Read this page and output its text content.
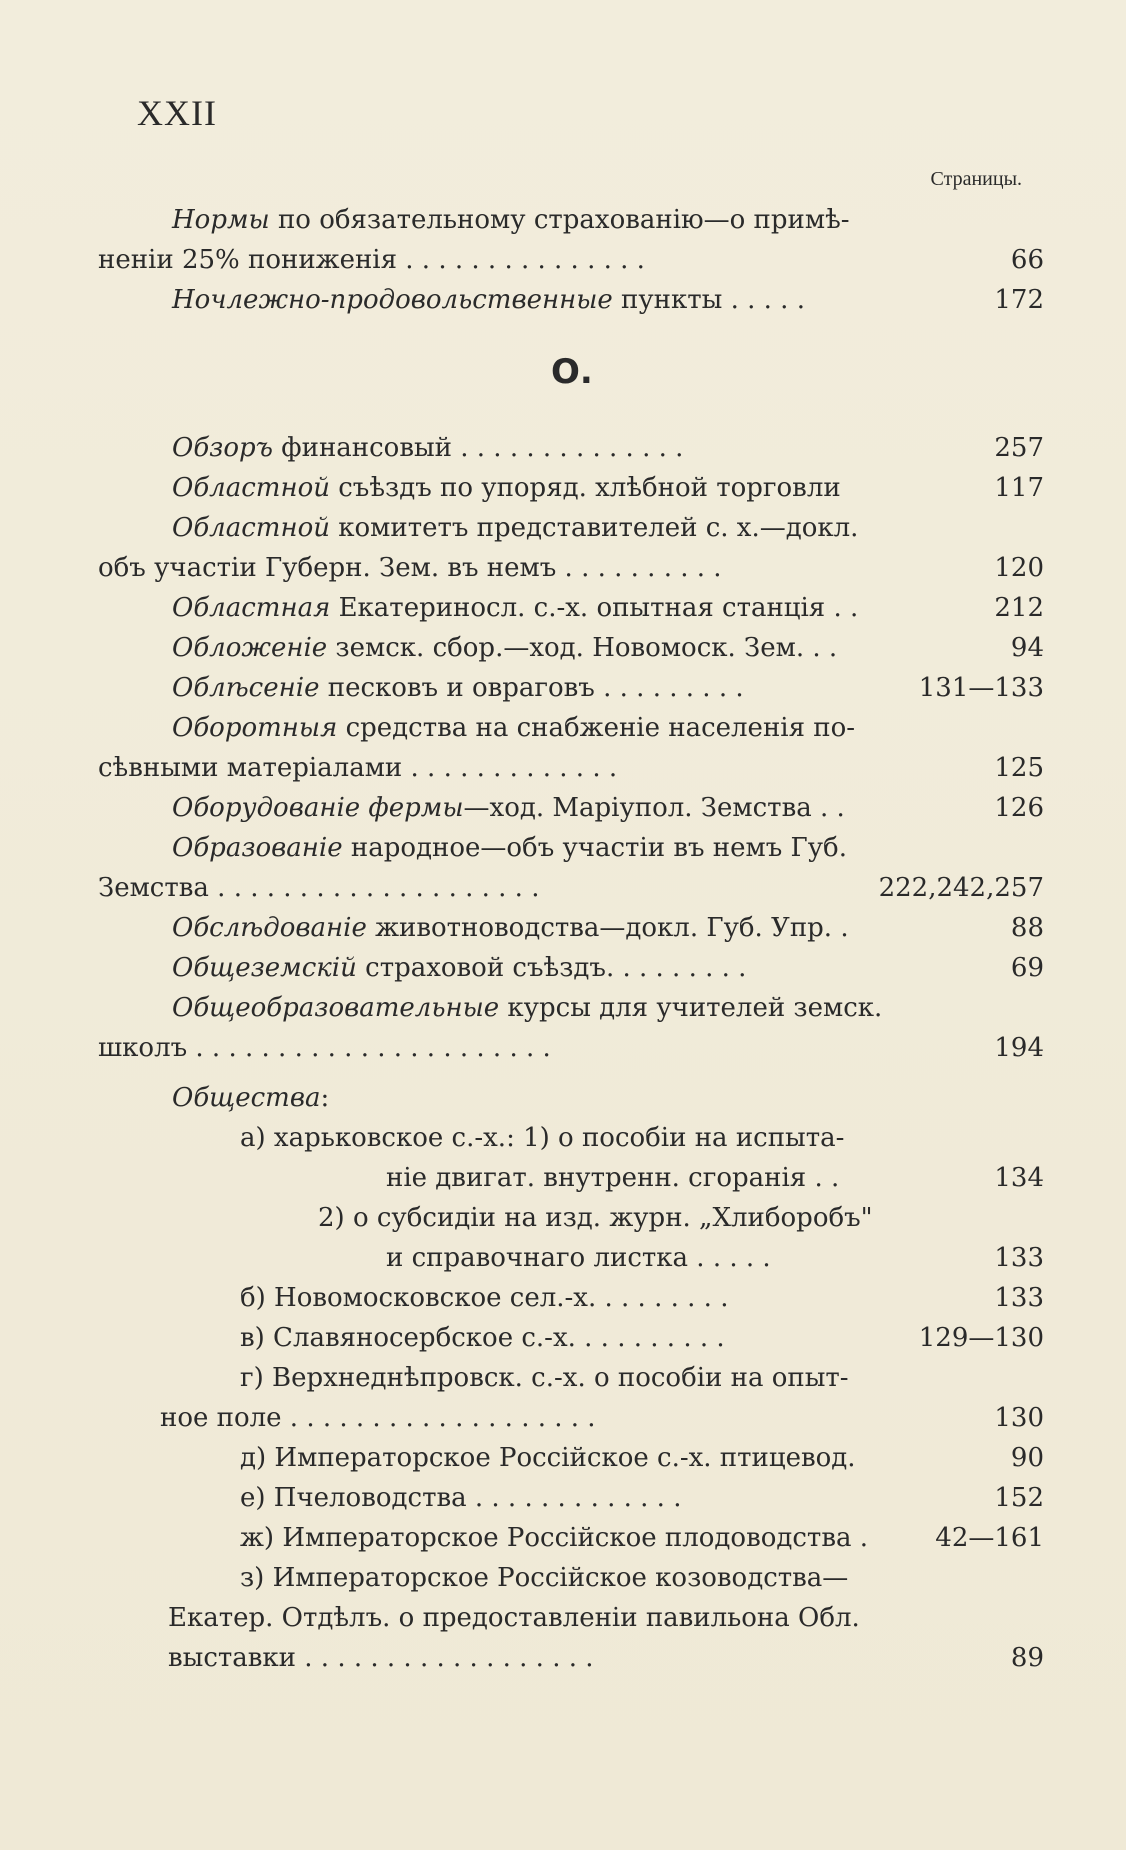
XXII
Страницы.
Нормы по обязательному страхованію—о примѣ-
неніи 25% пониженія . . . . . . . . . . . . . . .	66
Ночлежно-продовольственные пункты . . . . .	172
Обзоръ финансовый . . . . . . . . . . . . . .	257
Областной съѣздъ по упоряд. хлѣбной торговли	117
Областной комитетъ представителей с. х.—докл.
объ участіи Губерн. Зем. въ немъ . . . . . . . . . .	120
Областная Екатериносл. с.-х. опытная станція . .	212
Обложеніе земск. сбор.—ход. Новомоск. Зем. . .	94
Облѣсеніе песковъ и овраговъ . . . . . . . . .	131—133
Оборотныя средства на снабженіе населенія по-
сѣвными матеріалами . . . . . . . . . . . . .	125
Оборудованіе фермы—ход. Маріупол. Земства . .	126
Образованіе народное—объ участіи въ немъ Губ.
Земства . . . . . . . . . . . . . . . . . . . .	222,242,257
Обслѣдованіе животноводства—докл. Губ. Упр. .	88
Общеземскій страховой съѣздъ. . . . . . . . .	69
Общеобразовательные курсы для учителей земск.
школъ . . . . . . . . . . . . . . . . . . . . . .	194
Общества:
а) харьковское с.-х.: 1) о пособіи на испыта-
ніе двигат. внутренн. сгоранія . .	134
2) о субсидіи на изд. журн. „Хлиборобъ"
и справочнаго листка . . . . .	133
б) Новомосковское сел.-х. . . . . . . . .	133
в) Славяносербское с.-х. . . . . . . . . .	129—130
г) Верхнеднѣпровск. с.-х. о пособіи на опыт-
ное поле . . . . . . . . . . . . . . . . . . .	130
д) Императорское Россійское с.-х. птицевод.	90
е) Пчеловодства . . . . . . . . . . . . .	152
ж) Императорское Россійское плодоводства .	42—161
з) Императорское Россійское козоводства—
Екатер. Отдѣлъ. о предоставленіи павильона Обл.
выставки . . . . . . . . . . . . . . . . . .	89
О.
